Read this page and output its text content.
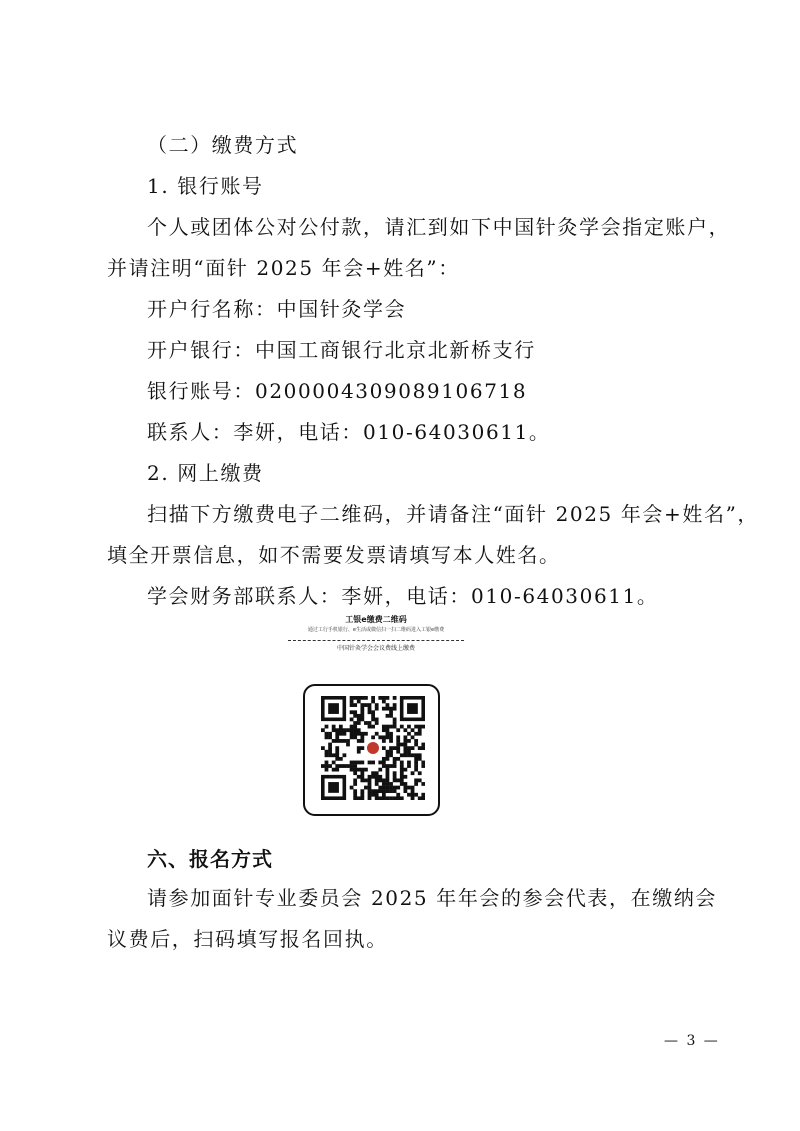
（二）缴费方式
1. 银行账号
个人或团体公对公付款，请汇到如下中国针灸学会指定账户，
并请注明“面针 2025 年会+姓名”：
开户行名称：中国针灸学会
开户银行：中国工商银行北京北新桥支行
银行账号：0200004309089106718
联系人：李妍，电话：010-64030611。
2. 网上缴费
扫描下方缴费电子二维码，并请备注“面针 2025 年会+姓名”，
填全开票信息，如不需要发票请填写本人姓名。
学会财务部联系人：李妍，电话：010-64030611。
工银e缴费二维码
通过工行手机银行、e生活或微信扫一扫二维码进入工银e缴费
中国针灸学会会议费线上缴费
六、报名方式
请参加面针专业委员会 2025 年年会的参会代表，在缴纳会
议费后，扫码填写报名回执。
— 3 —
